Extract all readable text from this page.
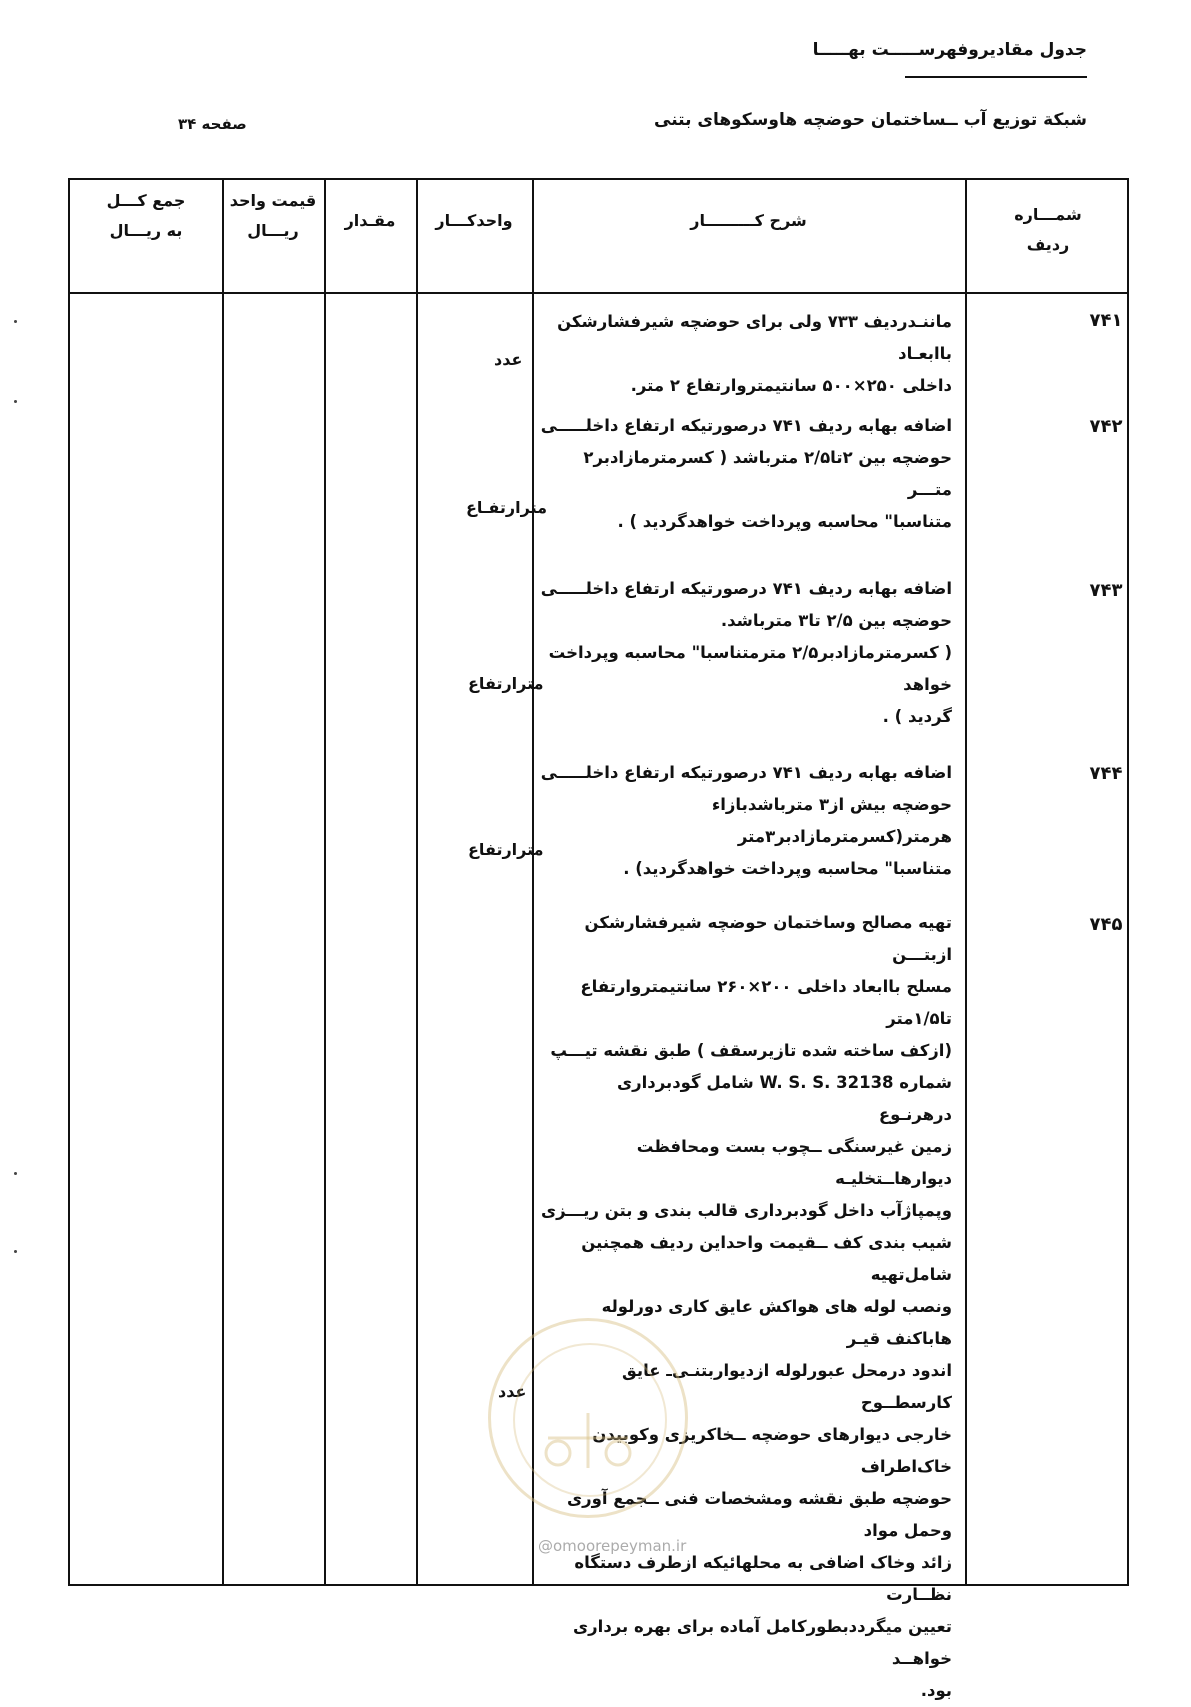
جدول مقادیروفهرســـــت بهـــــا
شبکة توزیع آب ــساختمان حوضچه هاوسکوهای بتنی
صفحه ۳۴
شمـــاره
ردیف
شرح کـــــــــار
واحدکـــار
مقـدار
قیمت واحد
ریـــال
جمع کـــل
به ریـــال
۷۴۱
ماننـدردیف ۷۳۳ ولی برای حوضچه شیرفشارشکن باابعـاد
داخلی ۲۵۰×۵۰۰ سانتیمترو‌ارتفاع ۲ متر.
عدد
۷۴۲
اضافه بهابه ردیف ۷۴۱ درصورتیکه ارتفاع داخلـــــی
حوضچه بین ۲تا۲/۵ متر‌باشد ( کسرمترمازادبر۲ متـــر
متناسبا" محاسبه وپرداخت خواهدگردید ) .
مترارتفـاع
۷۴۳
اضافه بهابه ردیف ۷۴۱ درصورتیکه ارتفاع داخلـــــی
حوضچه بین ۲/۵ تا۳ متر‌باشد.
( کسرمترمازادبر۲/۵ مترمتناسبا" محاسبه وپرداخت خواهد
گردید ) .
مترارتفاع
۷۴۴
اضافه بهابه ردیف ۷۴۱ درصورتیکه ارتفاع داخلـــــی
حوضچه بیش از۳ متر‌باشدبازا‌ء هرمتر(کسرمترمازادبر۳متر
متناسبا" محاسبه وپرداخت خواهدگردید) .
مترارتفاع
۷۴۵
تهیه مصالح وساختمان حوضچه شیرفشارشکن ازبتـــن
مسلح باابعاد داخلی ۲۰۰×۲۶۰ سانتیمترو‌ارتفاع تا۱/۵متر
(ازکف ساخته شده تازیرسقف ) طبق نقشه تیـــپ
شماره W. S. S. 32138 شامل گودبرداری درهرنـوع
زمین غیرسنگی ــچوب بست ومحافظت دیوارهاــتخلیـه
وپمپاژآب داخل گودبرداری قالب بندی و بتن ریـــزی
شیب بندی کف ــقیمت واحداین ردیف همچنین شامل‌تهیه
ونصب لوله های هواکش عایق کاری دورلوله هاباکنف قیـر
اندود درمحل عبورلوله ازدیواربتنـی‌ـ عایق کارسطــوح
خارجی دیوارهای حوضچه ــخاکریزی وکوبیدن خاک‌اطراف
حوضچه طبق نقشه ومشخصات فنی ــجمع آوری وحمل مواد
زائد وخاک اضافی به محلهائیکه ازطرف دستگاه نظــارت
تعیین میگرددبطورکامل آماده برای بهره برداری خواهــد
بود.
عدد
@omoorepeyman.ir
